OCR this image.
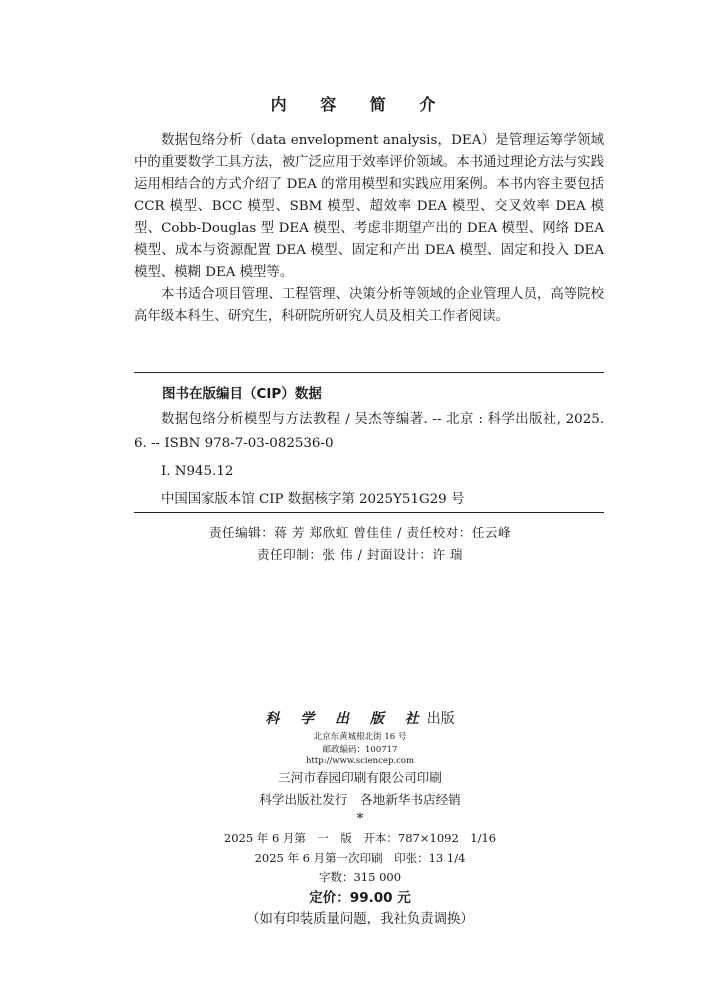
内 容 简 介

数据包络分析（data envelopment analysis，DEA）是管理运筹学领域中的重要数学工具方法，被广泛应用于效率评价领域。本书通过理论方法与实践运用相结合的方式介绍了 DEA 的常用模型和实践应用案例。本书内容主要包括 CCR 模型、BCC 模型、SBM 模型、超效率 DEA 模型、交叉效率 DEA 模型、Cobb-Douglas 型 DEA 模型、考虑非期望产出的 DEA 模型、网络 DEA 模型、成本与资源配置 DEA 模型、固定和产出 DEA 模型、固定和投入 DEA 模型、模糊 DEA 模型等。

本书适合项目管理、工程管理、决策分析等领域的企业管理人员，高等院校高年级本科生、研究生，科研院所研究人员及相关工作者阅读。

图书在版编目（CIP）数据
数据包络分析模型与方法教程 / 吴杰等编著. -- 北京 : 科学出版社, 2025. 6. -- ISBN 978-7-03-082536-0
Ⅰ. N945.12
中国国家版本馆 CIP 数据核字第 2025Y51G29 号
责任编辑：蒋 芳 郑欣虹 曾佳佳 / 责任校对：任云峰
责任印制：张 伟 / 封面设计：许 瑞
科 学 出 版 社出版
北京东黄城根北街 16 号
邮政编码：100717
http://www.sciencep.com
三河市春园印刷有限公司印刷
科学出版社发行　各地新华书店经销
*
2025 年 6 月第　一　版　开本：787×1092　1/16
2025 年 6 月第一次印刷　印张：13 1/4
字数：315 000
定价：99.00 元
（如有印装质量问题，我社负责调换）
